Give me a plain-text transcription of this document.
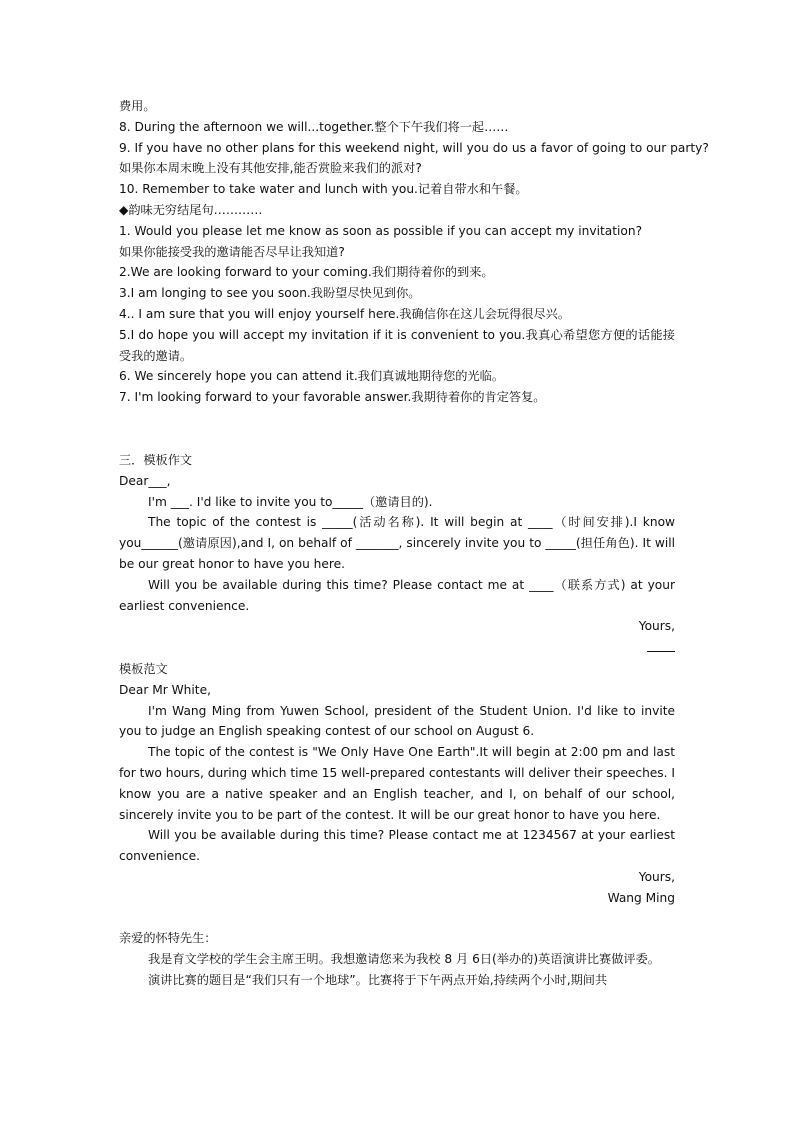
费用。

8. During the afternoon we will...together.整个下午我们将一起……

9. If you have no other plans for this weekend night, will you do us a favor of going to our party?

如果你本周末晚上没有其他安排,能否赏脸来我们的派对?

10. Remember to take water and lunch with you.记着自带水和午餐。

◆韵味无穷结尾句…………

1. Would you please let me know as soon as possible if you can accept my invitation?

如果你能接受我的邀请能否尽早让我知道?

2.We are looking forward to your coming.我们期待着你的到来。

3.I am longing to see you soon.我盼望尽快见到你。

4.. I am sure that you will enjoy yourself here.我确信你在这儿会玩得很尽兴。

5.I do hope you will accept my invitation if it is convenient to you.我真心希望您方便的话能接受我的邀请。

6. We sincerely hope you can attend it.我们真诚地期待您的光临。

7. I'm looking forward to your favorable answer.我期待着你的肯定答复。

三．模板作文

Dear___,

I'm ___. I'd like to invite you to_____（邀请目的).

The topic of the contest is _____(活动名称). It will begin at ____（时间安排).I know you______(邀请原因),and I, on behalf of _______, sincerely invite you to _____(担任角色). It will be our great honor to have you here.

Will you be available during this time? Please contact me at ____（联系方式) at your earliest convenience.

Yours,

模板范文

Dear Mr White,

I'm Wang Ming from Yuwen School, president of the Student Union. I'd like to invite you to judge an English speaking contest of our school on August 6.

The topic of the contest is "We Only Have One Earth".It will begin at 2:00 pm and last for two hours, during which time 15 well-prepared contestants will deliver their speeches. I know you are a native speaker and an English teacher, and I, on behalf of our school, sincerely invite you to be part of the contest. It will be our great honor to have you here.

Will you be available during this time? Please contact me at 1234567 at your earliest convenience.

Yours,

Wang Ming

亲爱的怀特先生：

我是育文学校的学生会主席王明。我想邀请您来为我校 8 月 6日(举办的)英语演讲比赛做评委。

演讲比赛的题目是“我们只有一个地球”。比赛将于下午两点开始,持续两个小时,期间共
